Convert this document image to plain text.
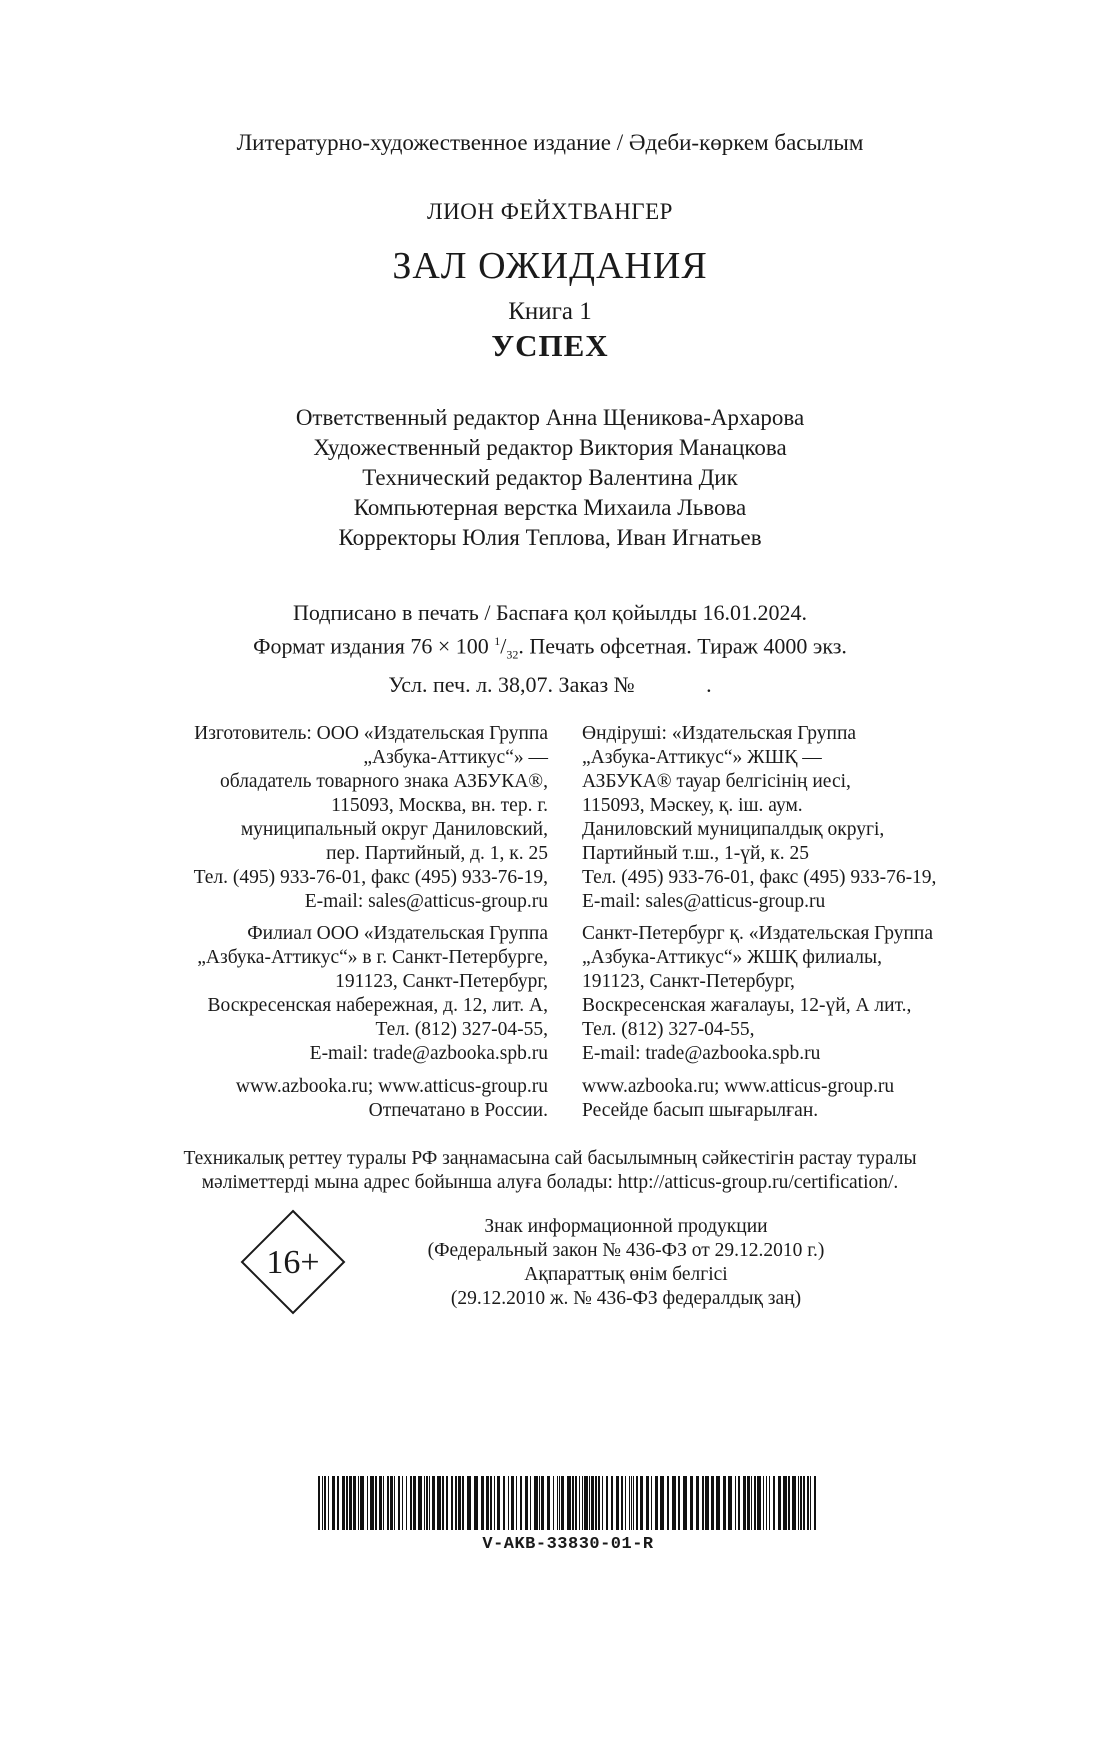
Литературно-художественное издание / Әдеби-көркем басылым
ЛИОН ФЕЙХТВАНГЕР
ЗАЛ ОЖИДАНИЯ
Книга 1
УСПЕХ
Ответственный редактор Анна Щеникова-Архарова
Художественный редактор Виктория Манацкова
Технический редактор Валентина Дик
Компьютерная верстка Михаила Львова
Корректоры Юлия Теплова, Иван Игнатьев
Подписано в печать / Баспаға қол қойылды 16.01.2024.
Формат издания 76 × 100 $^1/_{32}$. Печать офсетная. Тираж 4000 экз.
Усл. печ. л. 38,07. Заказ №             .
Изготовитель: ООО «Издательская Группа
„Азбука-Аттикус“» —
обладатель товарного знака АЗБУКА®,
115093, Москва, вн. тер. г.
муниципальный округ Даниловский,
пер. Партийный, д. 1, к. 25
Тел. (495) 933-76-01, факс (495) 933-76-19,
E-mail: sales@atticus-group.ru
Өндіруші: «Издательская Группа
„Азбука-Аттикус“» ЖШҚ —
АЗБУКА® тауар белгісінің иесі,
115093, Мәскеу, қ. іш. аум.
Даниловский муниципалдық округі,
Партийный т.ш., 1-үй, к. 25
Тел. (495) 933-76-01, факс (495) 933-76-19,
E-mail: sales@atticus-group.ru
Филиал ООО «Издательская Группа
„Азбука-Аттикус“» в г. Санкт-Петербурге,
191123, Санкт-Петербург,
Воскресенская набережная, д. 12, лит. А,
Тел. (812) 327-04-55,
E-mail: trade@azbooka.spb.ru
Санкт-Петербург қ. «Издательская Группа
„Азбука-Аттикус“» ЖШҚ филиалы,
191123, Санкт-Петербург,
Воскресенская жағалауы, 12-үй, А лит.,
Тел. (812) 327-04-55,
E-mail: trade@azbooka.spb.ru
www.azbooka.ru; www.atticus-group.ru
Отпечатано в России.
www.azbooka.ru; www.atticus-group.ru
Ресейде басып шығарылған.
Техникалық реттеу туралы РФ заңнамасына сай басылымның сәйкестігін растау туралы
мәліметтерді мына адрес бойынша алуға болады: http://atticus-group.ru/certification/.
16+
Знак информационной продукции
(Федеральный закон № 436-ФЗ от 29.12.2010 г.)
Ақпараттық өнім белгісі
(29.12.2010 ж. № 436-ФЗ федералдық заң)
V-AKB-33830-01-R
